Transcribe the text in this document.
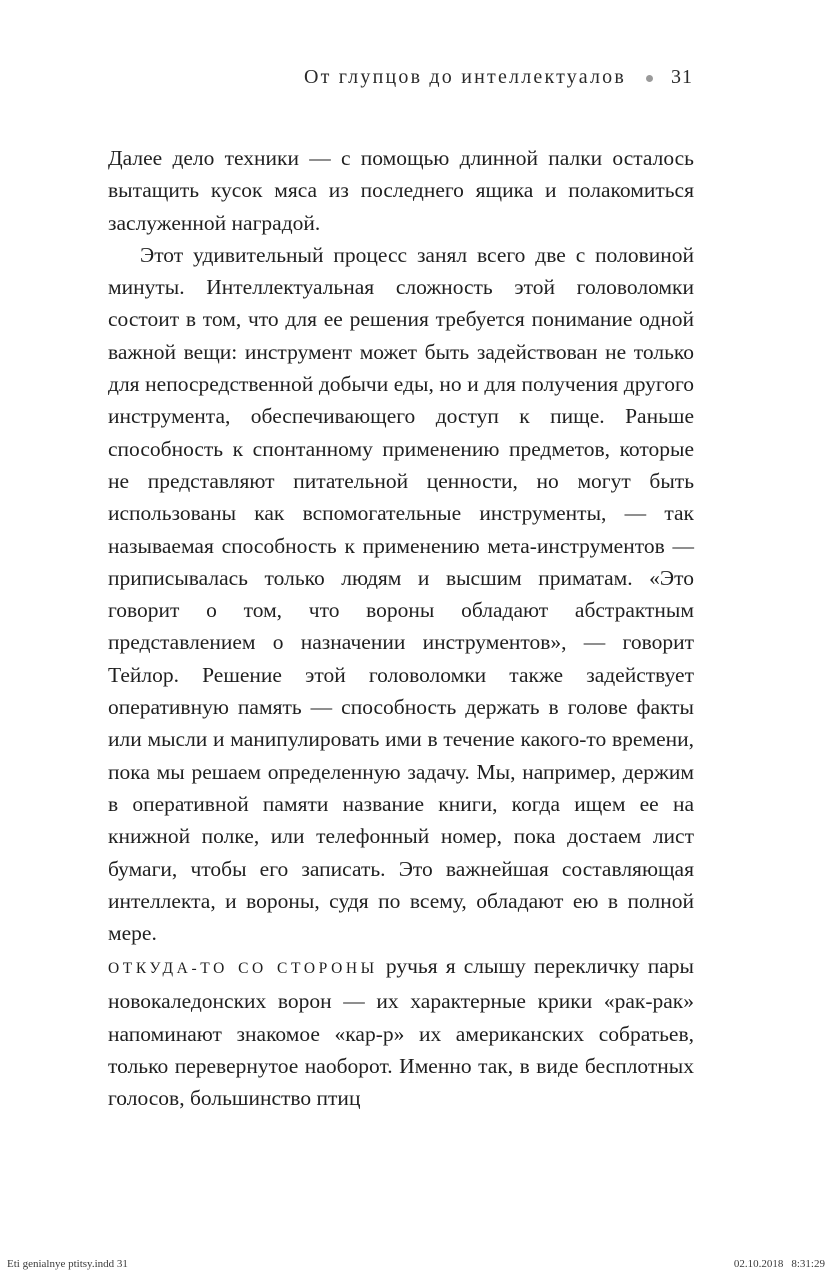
От глупцов до интеллектуалов 31

Далее дело техники — с помощью длинной палки осталось вытащить кусок мяса из последнего ящика и полакомиться заслуженной наградой.

Этот удивительный процесс занял всего две с половиной минуты. Интеллектуальная сложность этой головоломки состоит в том, что для ее решения требуется понимание одной важной вещи: инструмент может быть задействован не только для непосредственной добычи еды, но и для получения другого инструмента, обеспечивающего доступ к пище. Раньше способность к спонтанному применению предметов, которые не представляют питательной ценности, но могут быть использованы как вспомогательные инструменты, — так называемая способность к применению мета-инструментов — приписывалась только людям и высшим приматам. «Это говорит о том, что вороны обладают абстрактным представлением о назначении инструментов», — говорит Тейлор. Решение этой головоломки также задействует оперативную память — способность держать в голове факты или мысли и манипулировать ими в течение какого-то времени, пока мы решаем определенную задачу. Мы, например, держим в оперативной памяти название книги, когда ищем ее на книжной полке, или телефонный номер, пока достаем лист бумаги, чтобы его записать. Это важнейшая составляющая интеллекта, и вороны, судя по всему, обладают ею в полной мере.

ОТКУДА-ТО СО СТОРОНЫ ручья я слышу перекличку пары новокаледонских ворон — их характерные крики «рак-рак» напоминают знакомое «кар-р» их американских собратьев, только перевернутое наоборот. Именно так, в виде бесплотных голосов, большинство птиц

Eti genialnye ptitsy.indd 31	02.10.2018 8:31:29
